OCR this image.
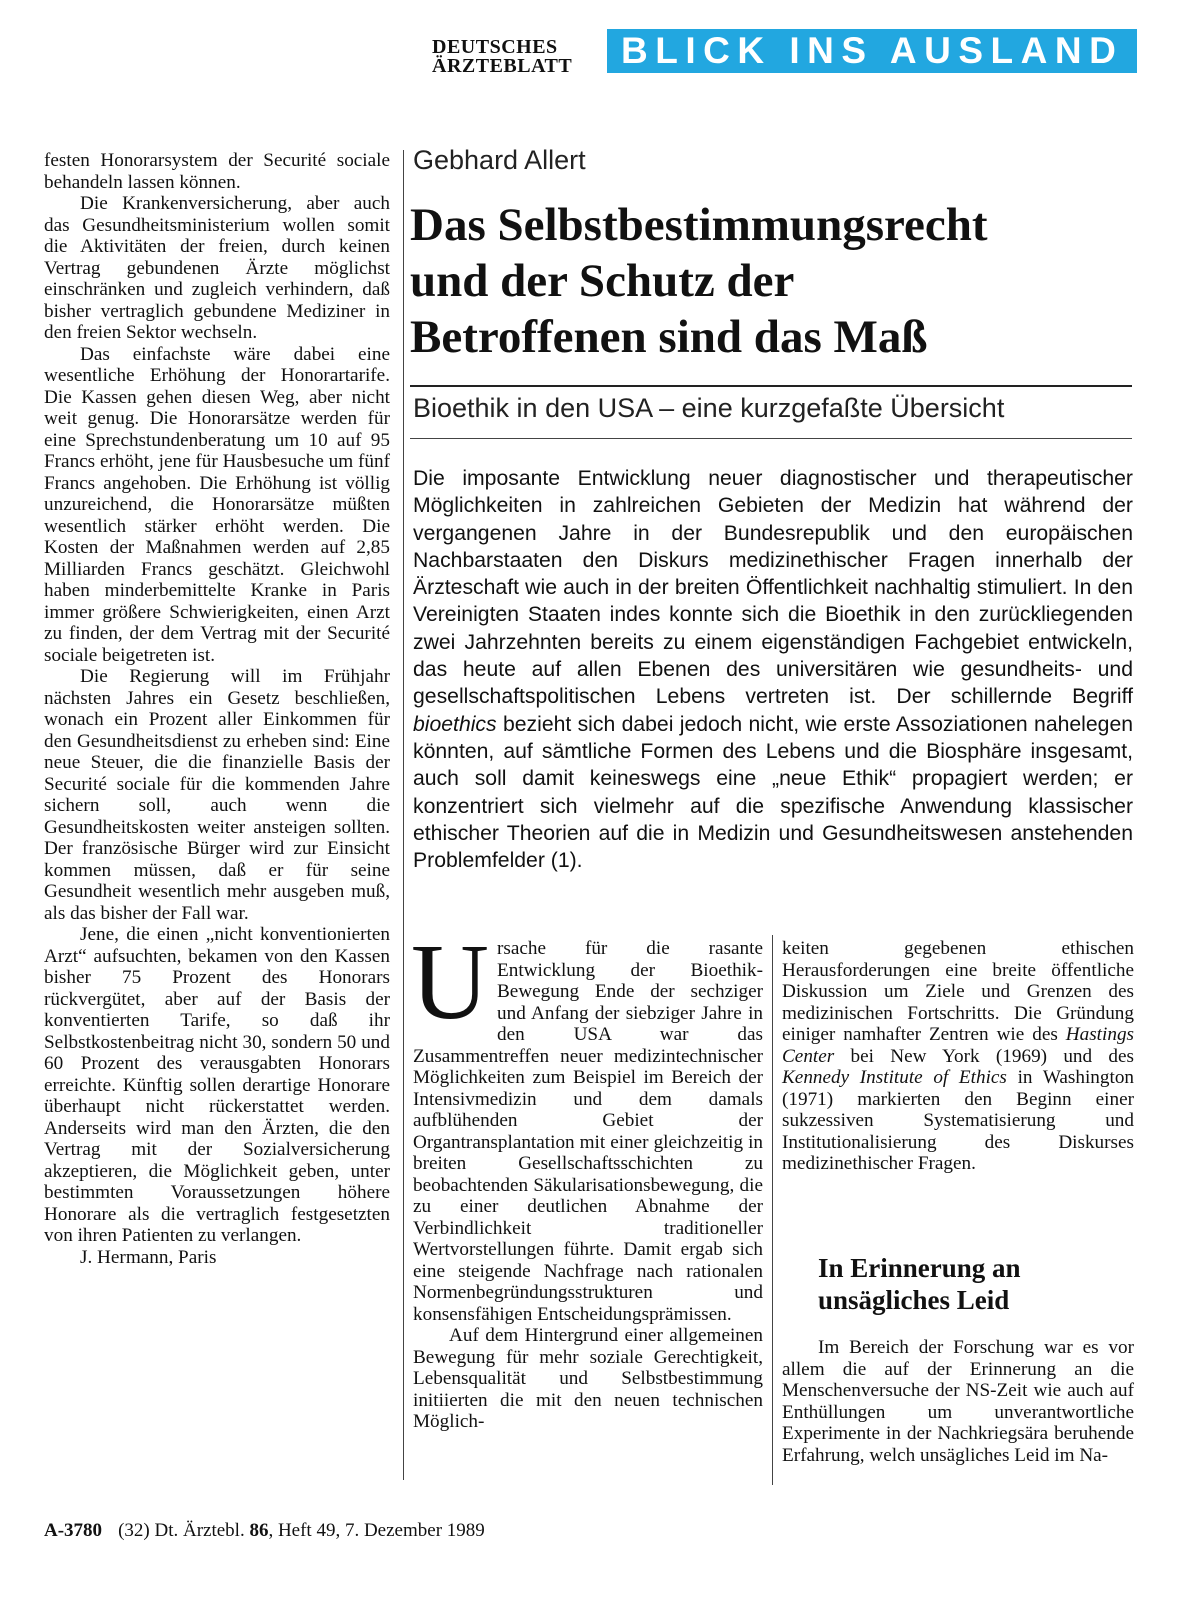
DEUTSCHES
ÄRZTEBLATT	BLICK INS AUSLAND

festen Honorarsystem der Securité sociale behandeln lassen können.

Die Krankenversicherung, aber auch das Gesundheitsministerium wollen somit die Aktivitäten der freien, durch keinen Vertrag gebundenen Ärzte möglichst einschränken und zugleich verhindern, daß bisher vertraglich gebundene Mediziner in den freien Sektor wechseln.

Das einfachste wäre dabei eine wesentliche Erhöhung der Honorartarife. Die Kassen gehen diesen Weg, aber nicht weit genug. Die Honorarsätze werden für eine Sprechstundenberatung um 10 auf 95 Francs erhöht, jene für Hausbesuche um fünf Francs angehoben. Die Erhöhung ist völlig unzureichend, die Honorarsätze müßten wesentlich stärker erhöht werden. Die Kosten der Maßnahmen werden auf 2,85 Milliarden Francs geschätzt. Gleichwohl haben minderbemittelte Kranke in Paris immer größere Schwierigkeiten, einen Arzt zu finden, der dem Vertrag mit der Securité sociale beigetreten ist.

Die Regierung will im Frühjahr nächsten Jahres ein Gesetz beschließen, wonach ein Prozent aller Einkommen für den Gesundheitsdienst zu erheben sind: Eine neue Steuer, die die finanzielle Basis der Securité sociale für die kommenden Jahre sichern soll, auch wenn die Gesundheitskosten weiter ansteigen sollten. Der französische Bürger wird zur Einsicht kommen müssen, daß er für seine Gesundheit wesentlich mehr ausgeben muß, als das bisher der Fall war.

Jene, die einen „nicht konventionierten Arzt“ aufsuchten, bekamen von den Kassen bisher 75 Prozent des Honorars rückvergütet, aber auf der Basis der konventierten Tarife, so daß ihr Selbstkostenbeitrag nicht 30, sondern 50 und 60 Prozent des verausgabten Honorars erreichte. Künftig sollen derartige Honorare überhaupt nicht rückerstattet werden. Anderseits wird man den Ärzten, die den Vertrag mit der Sozialversicherung akzeptieren, die Möglichkeit geben, unter bestimmten Voraussetzungen höhere Honorare als die vertraglich festgesetzten von ihren Patienten zu verlangen.

J. Hermann, Paris

Gebhard Allert
Das Selbstbestimmungsrecht
und der Schutz der
Betroffenen sind das Maß
Bioethik in den USA – eine kurzgefaßte Übersicht

Die imposante Entwicklung neuer diagnostischer und therapeutischer Möglichkeiten in zahlreichen Gebieten der Medizin hat während der vergangenen Jahre in der Bundesrepublik und den europäischen Nachbarstaaten den Diskurs medizinethischer Fragen innerhalb der Ärzteschaft wie auch in der breiten Öffentlichkeit nachhaltig stimuliert. In den Vereinigten Staaten indes konnte sich die Bioethik in den zurückliegenden zwei Jahrzehnten bereits zu einem eigenständigen Fachgebiet entwickeln, das heute auf allen Ebenen des universitären wie gesundheits- und gesellschaftspolitischen Lebens vertreten ist. Der schillernde Begriff bioethics bezieht sich dabei jedoch nicht, wie erste Assoziationen nahelegen könnten, auf sämtliche Formen des Lebens und die Biosphäre insgesamt, auch soll damit keineswegs eine „neue Ethik“ propagiert werden; er konzentriert sich vielmehr auf die spezifische Anwendung klassischer ethischer Theorien auf die in Medizin und Gesundheitswesen anstehenden Problemfelder (1).

Ursache für die rasante Entwicklung der Bioethik-Bewegung Ende der sechziger und Anfang der siebziger Jahre in den USA war das Zusammentreffen neuer medizintechnischer Möglichkeiten zum Beispiel im Bereich der Intensivmedizin und dem damals aufblühenden Gebiet der Organtransplantation mit einer gleichzeitig in breiten Gesellschaftsschichten zu beobachtenden Säkularisationsbewegung, die zu einer deutlichen Abnahme der Verbindlichkeit traditioneller Wertvorstellungen führte. Damit ergab sich eine steigende Nachfrage nach rationalen Normenbegründungsstrukturen und konsensfähigen Entscheidungsprämissen.

Auf dem Hintergrund einer allgemeinen Bewegung für mehr soziale Gerechtigkeit, Lebensqualität und Selbstbestimmung initiierten die mit den neuen technischen Möglich-

keiten gegebenen ethischen Herausforderungen eine breite öffentliche Diskussion um Ziele und Grenzen des medizinischen Fortschritts. Die Gründung einiger namhafter Zentren wie des Hastings Center bei New York (1969) und des Kennedy Institute of Ethics in Washington (1971) markierten den Beginn einer sukzessiven Systematisierung und Institutionalisierung des Diskurses medizinethischer Fragen.

In Erinnerung an
unsägliches Leid

Im Bereich der Forschung war es vor allem die auf der Erinnerung an die Menschenversuche der NS-Zeit wie auch auf Enthüllungen um unverantwortliche Experimente in der Nachkriegsära beruhende Erfahrung, welch unsägliches Leid im Na-

A-3780 (32) Dt. Ärztebl. 86, Heft 49, 7. Dezember 1989
